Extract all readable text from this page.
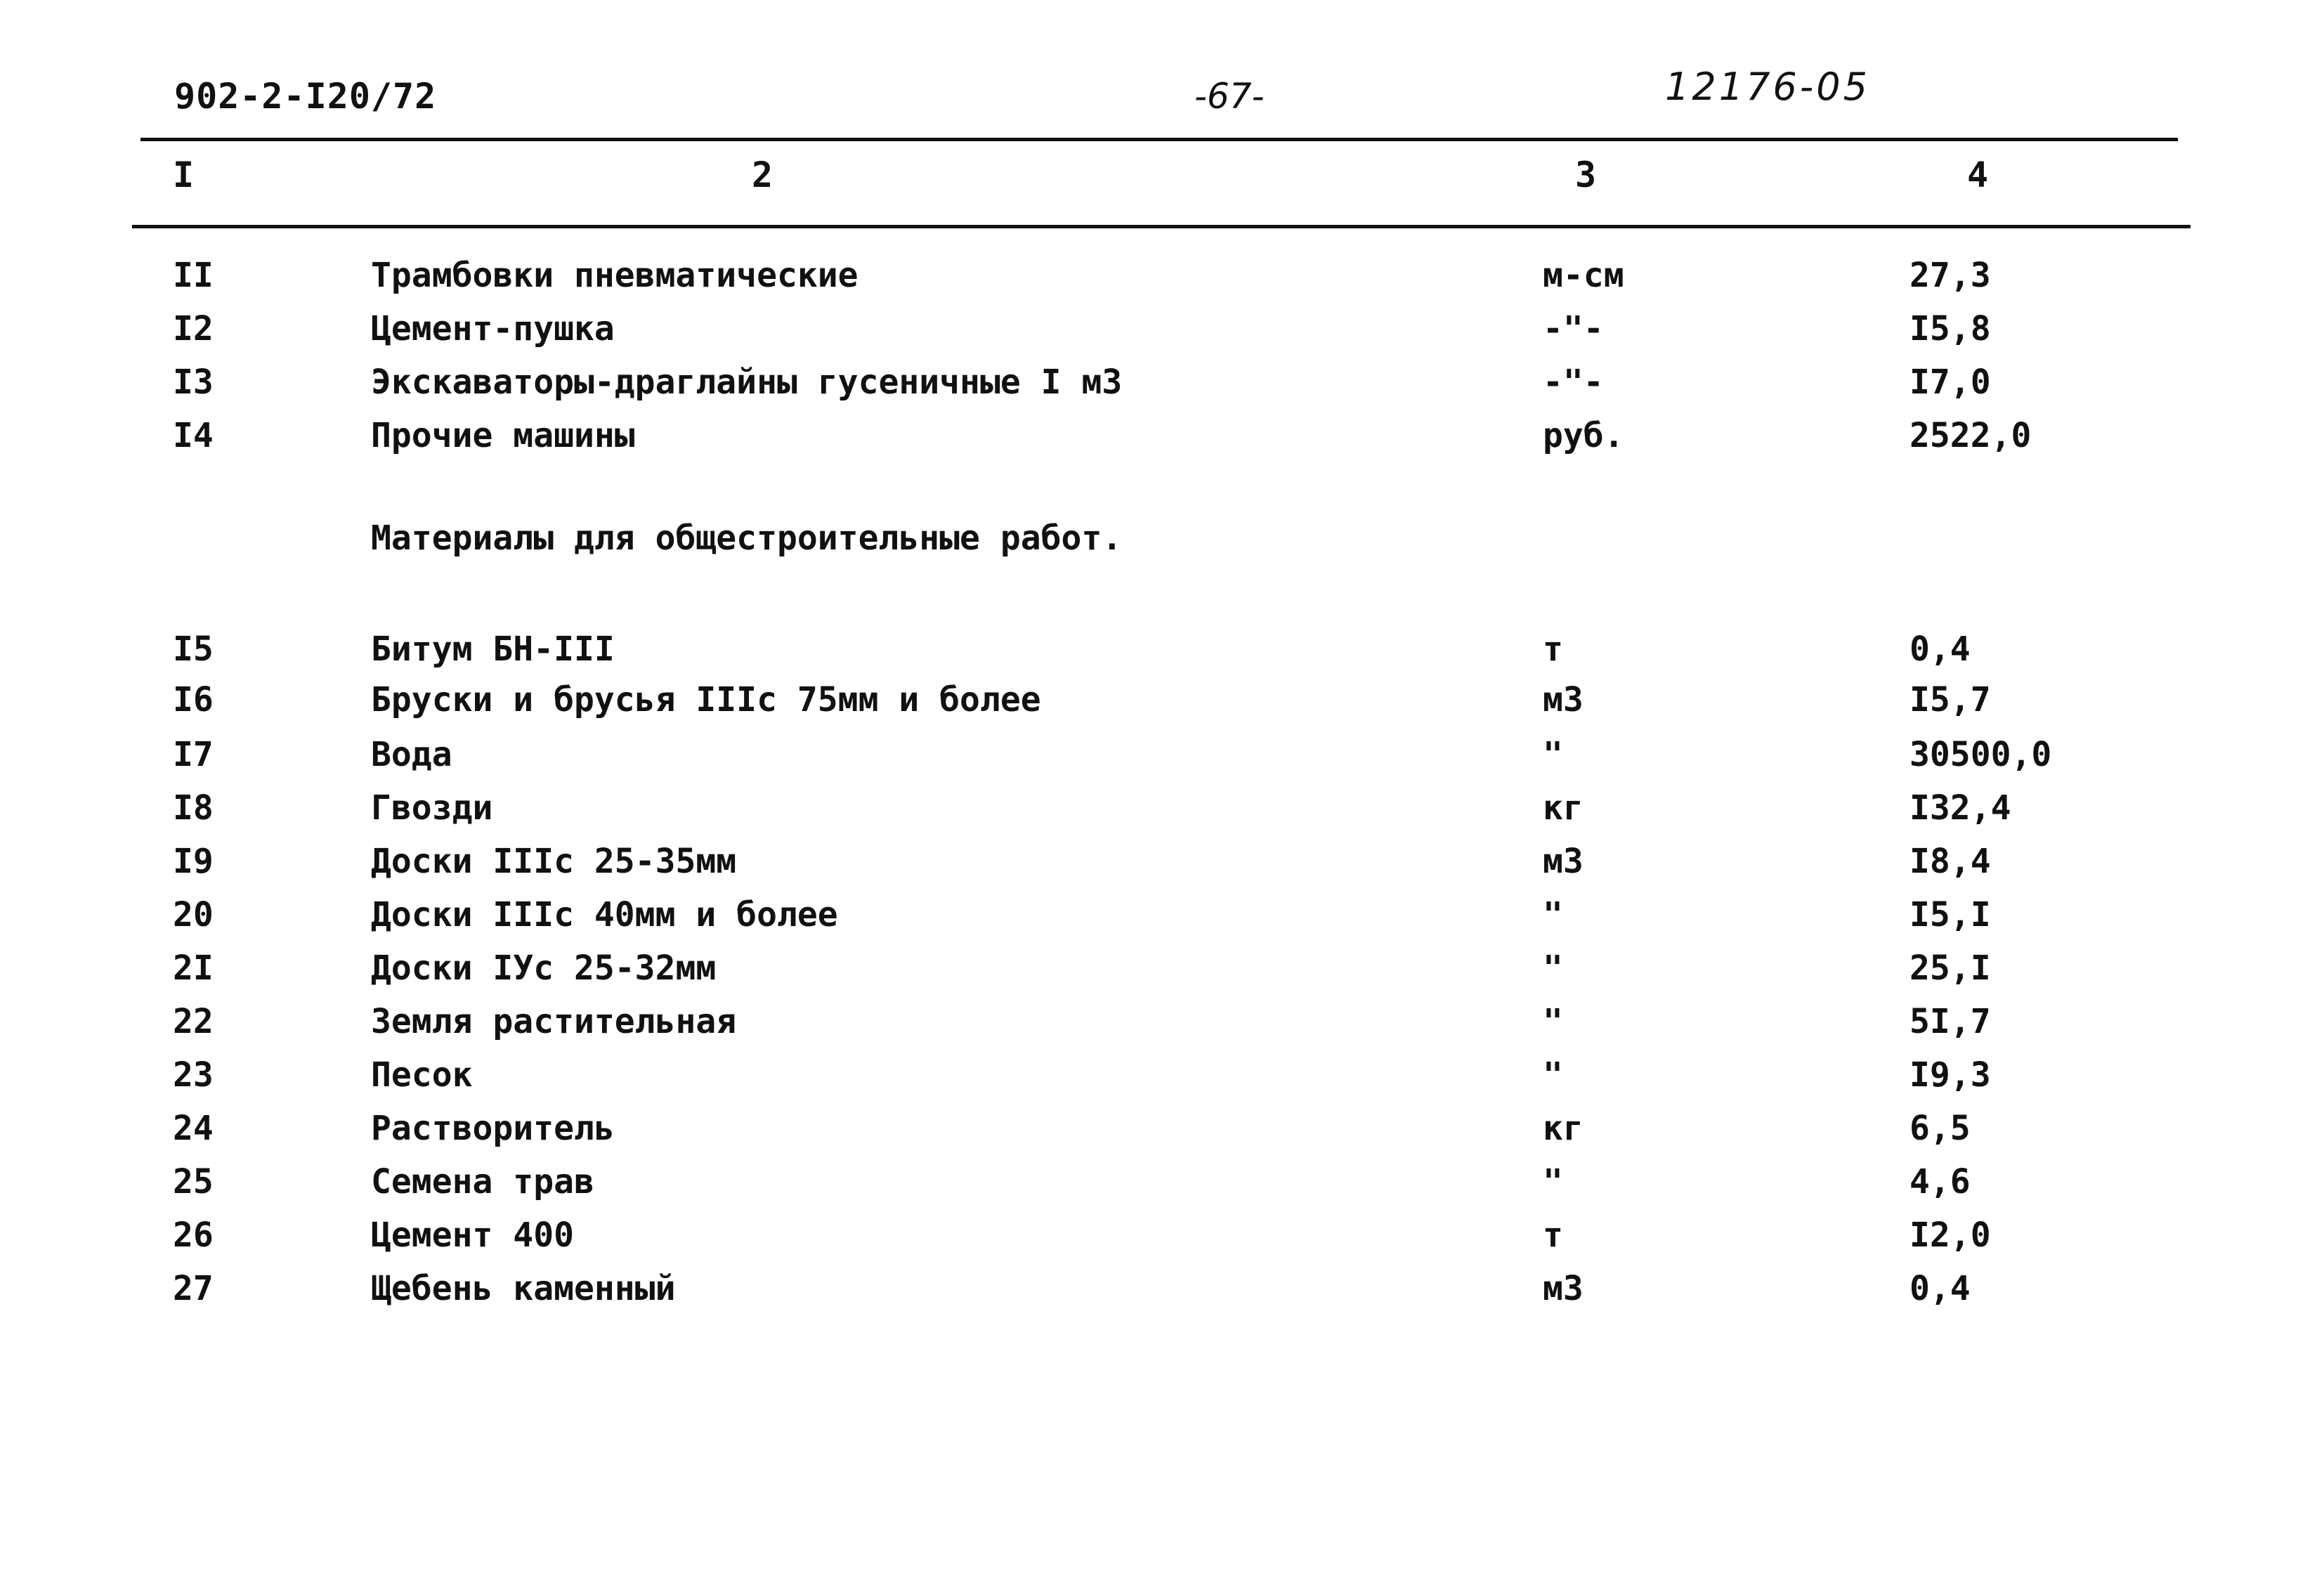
902-2-I20/72	-67-	12176-05
I	2	3	4
II	Трамбовки пневматические	м-см	27,3
I2	Цемент-пушка	-"-	I5,8
I3	Экскаваторы-драглайны гусеничные I м3	-"-	I7,0
I4	Прочие машины	руб.	2522,0
Материалы для общестроительные работ.
I5	Битум БН-III	т	0,4
I6	Бруски и брусья IIIс 75мм и более	м3	I5,7
I7	Вода	"	30500,0
I8	Гвозди	кг	I32,4
I9	Доски IIIс 25-35мм	м3	I8,4
20	Доски IIIс 40мм и более	"	I5,I
2I	Доски IУс 25-32мм	"	25,I
22	Земля растительная	"	5I,7
23	Песок	"	I9,3
24	Растворитель	кг	6,5
25	Семена трав	"	4,6
26	Цемент 400	т	I2,0
27	Щебень каменный	м3	0,4
